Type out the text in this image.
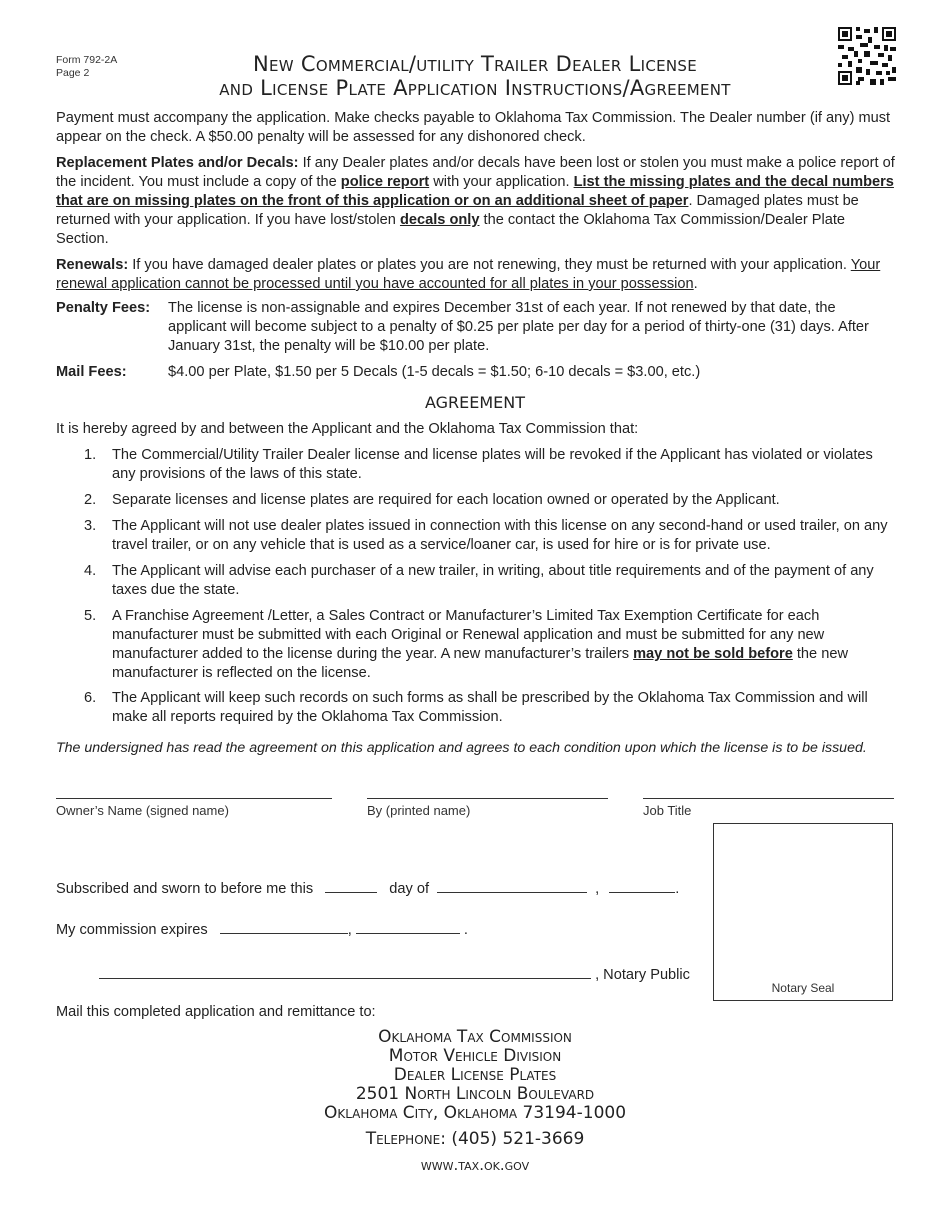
Form 792-2A
Page 2	New Commercial/utility Trailer Dealer License
and License Plate Application Instructions/Agreement

Payment must accompany the application. Make checks payable to Oklahoma Tax Commission. The Dealer number (if any) must appear on the check. A $50.00 penalty will be assessed for any dishonored check.

Replacement Plates and/or Decals: If any Dealer plates and/or decals have been lost or stolen you must make a police report of the incident. You must include a copy of the police report with your application. List the missing plates and the decal numbers that are on missing plates on the front of this application or on an additional sheet of paper. Damaged plates must be returned with your application. If you have lost/stolen decals only the contact the Oklahoma Tax Commission/Dealer Plate Section.

Renewals: If you have damaged dealer plates or plates you are not renewing, they must be returned with your application. Your renewal application cannot be processed until you have accounted for all plates in your possession.

Penalty Fees: The license is non-assignable and expires December 31st of each year. If not renewed by that date, the applicant will become subject to a penalty of $0.25 per plate per day for a period of thirty-one (31) days. After January 31st, the penalty will be $10.00 per plate.
Mail Fees:	$4.00 per Plate, $1.50 per 5 Decals (1-5 decals = $1.50; 6-10 decals = $3.00, etc.)
AGREEMENT
It is hereby agreed by and between the Applicant and the Oklahoma Tax Commission that:
1. The Commercial/Utility Trailer Dealer license and license plates will be revoked if the Applicant has violated or violates any provisions of the laws of this state.
2. Separate licenses and license plates are required for each location owned or operated by the Applicant.
3. The Applicant will not use dealer plates issued in connection with this license on any second-hand or used trailer, on any travel trailer, or on any vehicle that is used as a service/loaner car, is used for hire or is for private use.
4. The Applicant will advise each purchaser of a new trailer, in writing, about title requirements and of the payment of any taxes due the state.
5. A Franchise Agreement /Letter, a Sales Contract or Manufacturer’s Limited Tax Exemption Certificate for each manufacturer must be submitted with each Original or Renewal application and must be submitted for any new manufacturer added to the license during the year. A new manufacturer’s trailers may not be sold before the new manufacturer is reflected on the license.
6. The Applicant will keep such records on such forms as shall be prescribed by the Oklahoma Tax Commission and will make all reports required by the Oklahoma Tax Commission.
The undersigned has read the agreement on this application and agrees to each condition upon which the license is to be issued.
Owner’s Name (signed name)	By (printed name)	Job Title
Subscribed and sworn to before me this	day of	,	.
My commission expires	,	.
, Notary Public
Notary Seal
Mail this completed application and remittance to:
Oklahoma Tax Commission
Motor Vehicle Division
Dealer License Plates
2501 North Lincoln Boulevard
Oklahoma City, Oklahoma 73194-1000
Telephone: (405) 521-3669
www.tax.ok.gov
